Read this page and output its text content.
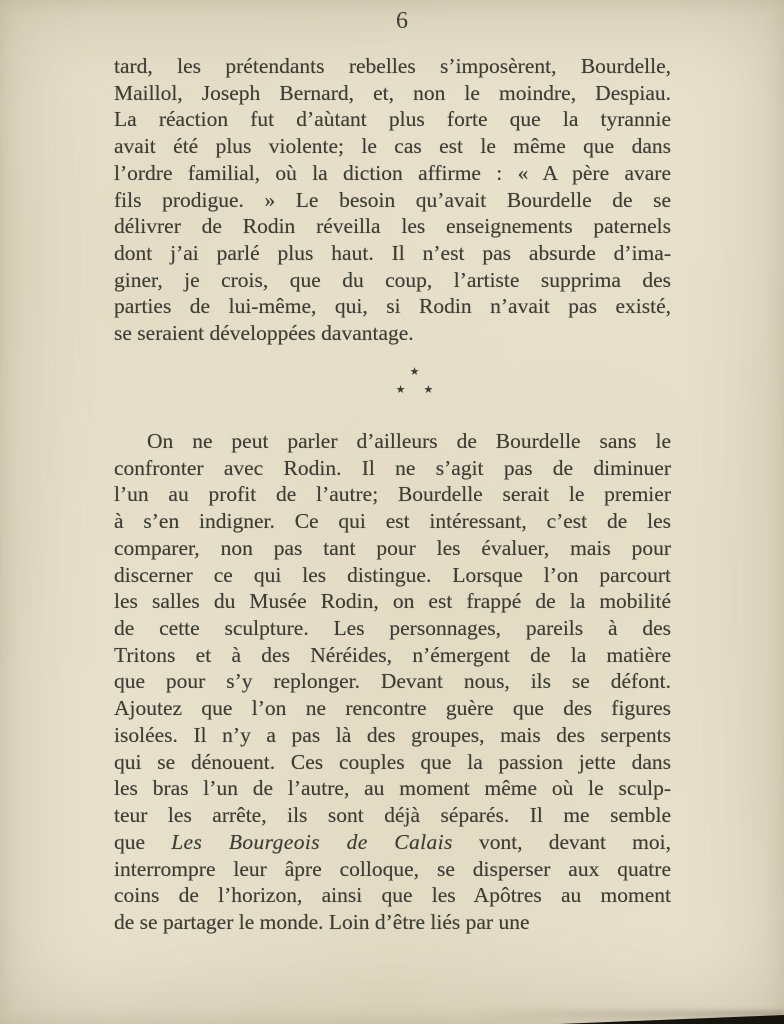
6
tard, les prétendants rebelles s’imposèrent, Bourdelle,
Maillol, Joseph Bernard, et, non le moindre, Despiau.
La réaction fut d’aùtant plus forte que la tyrannie
avait été plus violente; le cas est le même que dans
l’ordre familial, où la diction affirme : « A père avare
fils prodigue. » Le besoin qu’avait Bourdelle de se
délivrer de Rodin réveilla les enseignements paternels
dont j’ai parlé plus haut. Il n’est pas absurde d’ima-
giner, je crois, que du coup, l’artiste supprima des
parties de lui-même, qui, si Rodin n’avait pas existé,
se seraient développées davantage.
★
★ ★
On ne peut parler d’ailleurs de Bourdelle sans le
confronter avec Rodin. Il ne s’agit pas de diminuer
l’un au profit de l’autre; Bourdelle serait le premier
à s’en indigner. Ce qui est intéressant, c’est de les
comparer, non pas tant pour les évaluer, mais pour
discerner ce qui les distingue. Lorsque l’on parcourt
les salles du Musée Rodin, on est frappé de la mobilité
de cette sculpture. Les personnages, pareils à des
Tritons et à des Néréides, n’émergent de la matière
que pour s’y replonger. Devant nous, ils se défont.
Ajoutez que l’on ne rencontre guère que des figures
isolées. Il n’y a pas là des groupes, mais des serpents
qui se dénouent. Ces couples que la passion jette dans
les bras l’un de l’autre, au moment même où le sculp-
teur les arrête, ils sont déjà séparés. Il me semble
que Les Bourgeois de Calais vont, devant moi,
interrompre leur âpre colloque, se disperser aux quatre
coins de l’horizon, ainsi que les Apôtres au moment
de se partager le monde. Loin d’être liés par une
